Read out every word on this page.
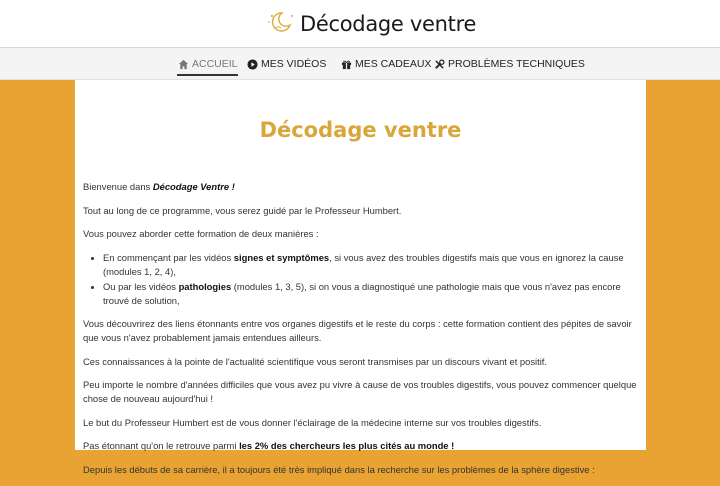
Décodage ventre
ACCUEIL MES VIDÉOS	MES CADEAUX PROBLÈMES TECHNIQUES
Décodage ventre

Bienvenue dans Décodage Ventre !

Tout au long de ce programme, vous serez guidé par le Professeur Humbert.

Vous pouvez aborder cette formation de deux manières :

• En commençant par les vidéos signes et symptômes, si vous avez des troubles digestifs mais que vous en ignorez la cause (modules 1, 2, 4),
• Ou par les vidéos pathologies (modules 1, 3, 5), si on vous a diagnostiqué une pathologie mais que vous n'avez pas encore trouvé de solution,

Vous découvrirez des liens étonnants entre vos organes digestifs et le reste du corps : cette formation contient des pépites de savoir que vous n'avez probablement jamais entendues ailleurs.

Ces connaissances à la pointe de l'actualité scientifique vous seront transmises par un discours vivant et positif.

Peu importe le nombre d'années difficiles que vous avez pu vivre à cause de vos troubles digestifs, vous pouvez commencer quelque chose de nouveau aujourd'hui !

Le but du Professeur Humbert est de vous donner l'éclairage de la médecine interne sur vos troubles digestifs.

Pas étonnant qu'on le retrouve parmi les 2% des chercheurs les plus cités au monde !

Depuis les débuts de sa carrière, il a toujours été très impliqué dans la recherche sur les problèmes de la sphère digestive :
